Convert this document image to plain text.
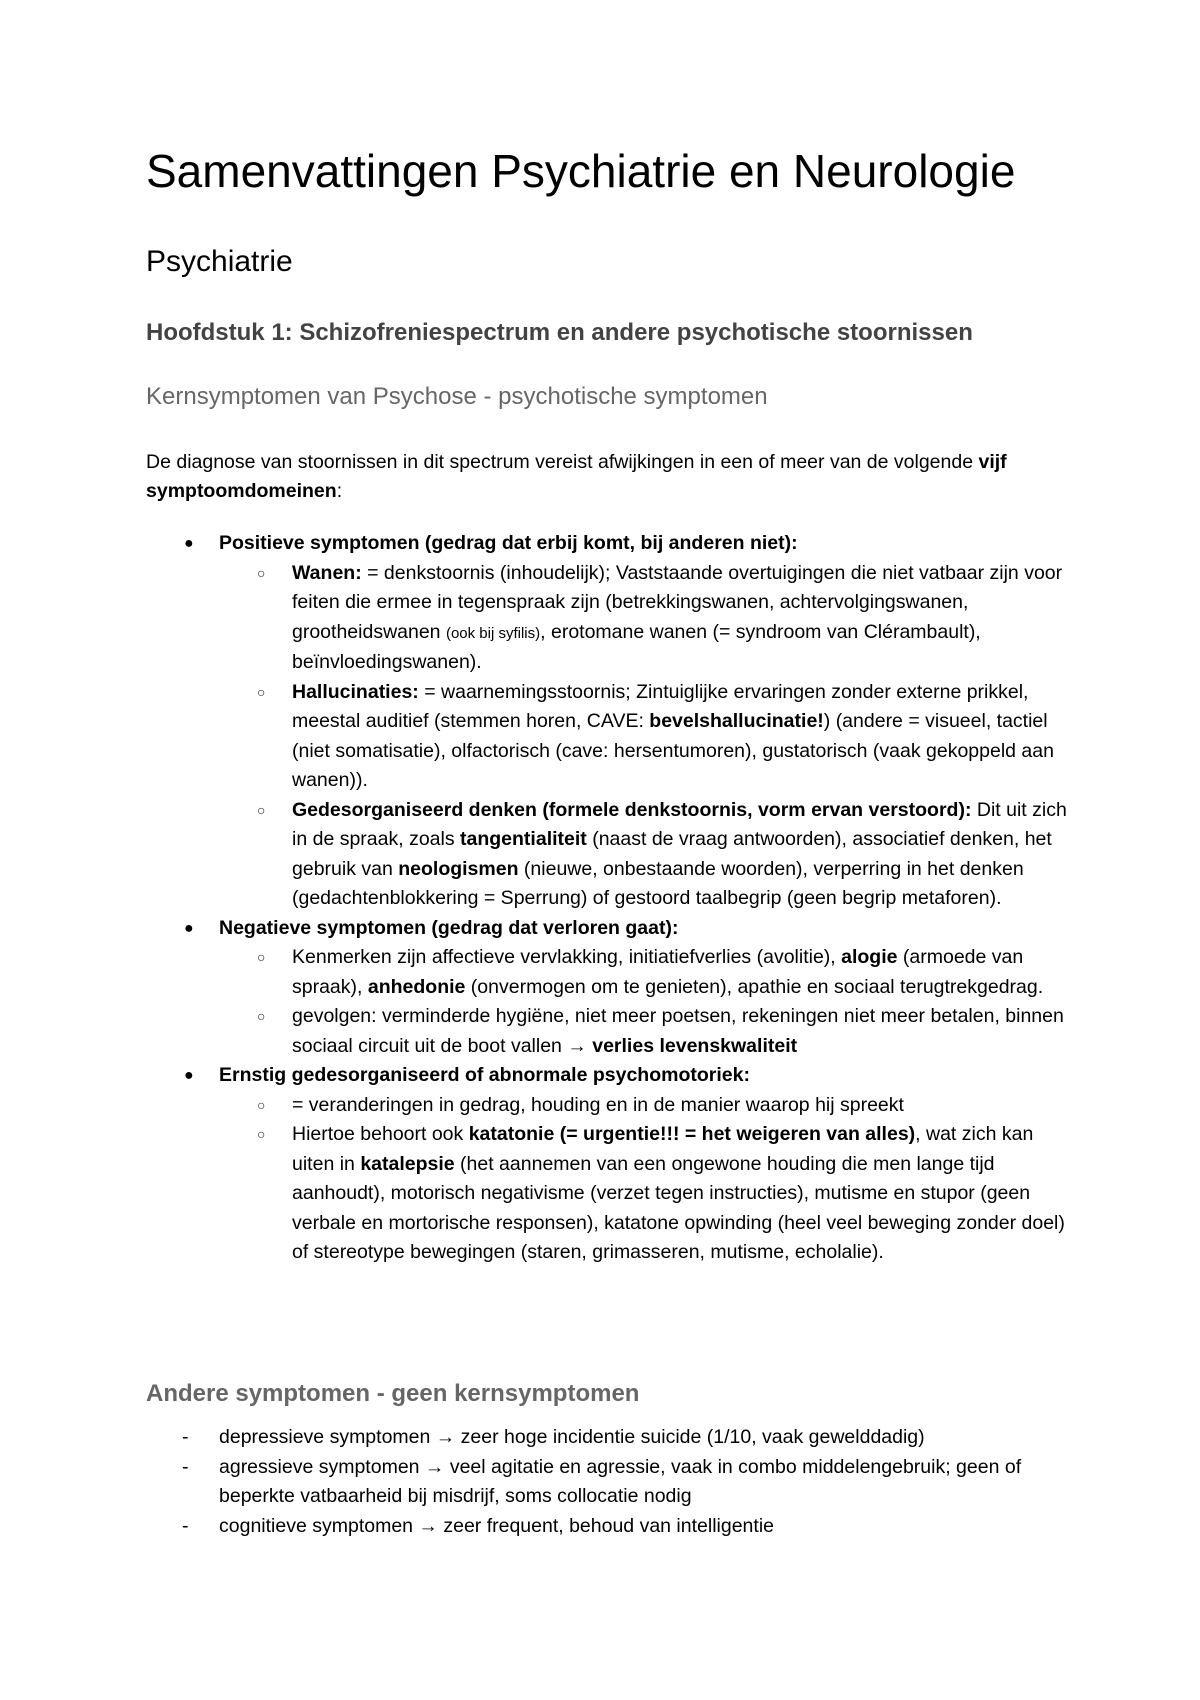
Samenvattingen Psychiatrie en Neurologie
Psychiatrie
Hoofdstuk 1: Schizofreniespectrum en andere psychotische stoornissen
Kernsymptomen van Psychose - psychotische symptomen

De diagnose van stoornissen in dit spectrum vereist afwijkingen in een of meer van de volgende vijf symptoomdomeinen:

● Positieve symptomen (gedrag dat erbij komt, bij anderen niet):
○ Wanen: = denkstoornis (inhoudelijk); Vaststaande overtuigingen die niet vatbaar zijn voor feiten die ermee in tegenspraak zijn (betrekkingswanen, achtervolgingswanen, grootheidswanen (ook bij syfilis), erotomane wanen (= syndroom van Clérambault), beïnvloedingswanen).
○ Hallucinaties: = waarnemingsstoornis; Zintuiglijke ervaringen zonder externe prikkel, meestal auditief (stemmen horen, CAVE: bevelshallucinatie!) (andere = visueel, tactiel (niet somatisatie), olfactorisch (cave: hersentumoren), gustatorisch (vaak gekoppeld aan wanen)).
○ Gedesorganiseerd denken (formele denkstoornis, vorm ervan verstoord): Dit uit zich in de spraak, zoals tangentialiteit (naast de vraag antwoorden), associatief denken, het gebruik van neologismen (nieuwe, onbestaande woorden), verperring in het denken (gedachtenblokkering = Sperrung) of gestoord taalbegrip (geen begrip metaforen).
● Negatieve symptomen (gedrag dat verloren gaat):
○ Kenmerken zijn affectieve vervlakking, initiatiefverlies (avolitie), alogie (armoede van spraak), anhedonie (onvermogen om te genieten), apathie en sociaal terugtrekgedrag.
○ gevolgen: verminderde hygiëne, niet meer poetsen, rekeningen niet meer betalen, binnen sociaal circuit uit de boot vallen → verlies levenskwaliteit
● Ernstig gedesorganiseerd of abnormale psychomotoriek:
○ = veranderingen in gedrag, houding en in de manier waarop hij spreekt
○ Hiertoe behoort ook katatonie (= urgentie!!! = het weigeren van alles), wat zich kan uiten in katalepsie (het aannemen van een ongewone houding die men lange tijd aanhoudt), motorisch negativisme (verzet tegen instructies), mutisme en stupor (geen verbale en mortorische responsen), katatone opwinding (heel veel beweging zonder doel) of stereotype bewegingen (staren, grimasseren, mutisme, echolalie).
Andere symptomen - geen kernsymptomen
- depressieve symptomen → zeer hoge incidentie suicide (1/10, vaak gewelddadig)
- agressieve symptomen → veel agitatie en agressie, vaak in combo middelengebruik; geen of beperkte vatbaarheid bij misdrijf, soms collocatie nodig
- cognitieve symptomen → zeer frequent, behoud van intelligentie
